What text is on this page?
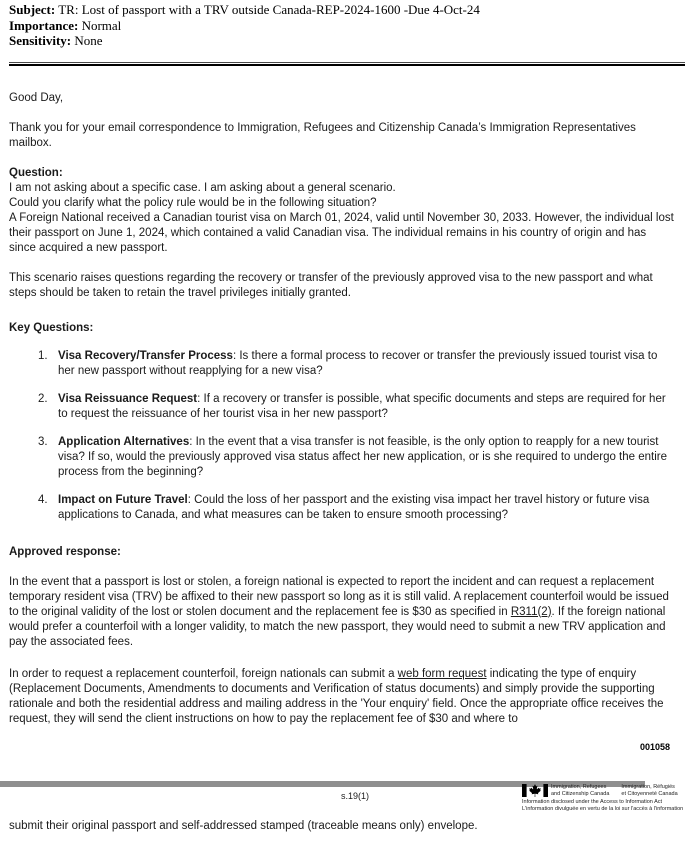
Subject: TR: Lost of passport with a TRV outside Canada-REP-2024-1600 -Due 4-Oct-24
Importance: Normal
Sensitivity: None

Good Day,

Thank you for your email correspondence to Immigration, Refugees and Citizenship Canada’s Immigration Representatives mailbox.

Question:
I am not asking about a specific case. I am asking about a general scenario.
Could you clarify what the policy rule would be in the following situation?
A Foreign National received a Canadian tourist visa on March 01, 2024, valid until November 30, 2033. However, the individual lost their passport on June 1, 2024, which contained a valid Canadian visa. The individual remains in his country of origin and has since acquired a new passport.

This scenario raises questions regarding the recovery or transfer of the previously approved visa to the new passport and what steps should be taken to retain the travel privileges initially granted.

Key Questions:
1. Visa Recovery/Transfer Process: Is there a formal process to recover or transfer the previously issued tourist visa to her new passport without reapplying for a new visa?
2. Visa Reissuance Request: If a recovery or transfer is possible, what specific documents and steps are required for her to request the reissuance of her tourist visa in her new passport?
3. Application Alternatives: In the event that a visa transfer is not feasible, is the only option to reapply for a new tourist visa? If so, would the previously approved visa status affect her new application, or is she required to undergo the entire process from the beginning?
4. Impact on Future Travel: Could the loss of her passport and the existing visa impact her travel history or future visa applications to Canada, and what measures can be taken to ensure smooth processing?
Approved response:

In the event that a passport is lost or stolen, a foreign national is expected to report the incident and can request a replacement temporary resident visa (TRV) be affixed to their new passport so long as it is still valid. A replacement counterfoil would be issued to the original validity of the lost or stolen document and the replacement fee is $30 as specified in R311(2). If the foreign national would prefer a counterfoil with a longer validity, to match the new passport, they would need to submit a new TRV application and pay the associated fees.

In order to request a replacement counterfoil, foreign nationals can submit a web form request indicating the type of enquiry (Replacement Documents, Amendments to documents and Verification of status documents) and simply provide the supporting rationale and both the residential address and mailing address in the 'Your enquiry' field. Once the appropriate office receives the request, they will send the client instructions on how to pay the replacement fee of $30 and where to

001058
s.19(1)
Immigration, Refugees
and Citizenship Canada
Immigration, Réfugiés
et Citoyenneté Canada
Information disclosed under the Access to Information Act
L'information divulguée en vertu de la loi sur l'accès à l'information
submit their original passport and self-addressed stamped (traceable means only) envelope.
